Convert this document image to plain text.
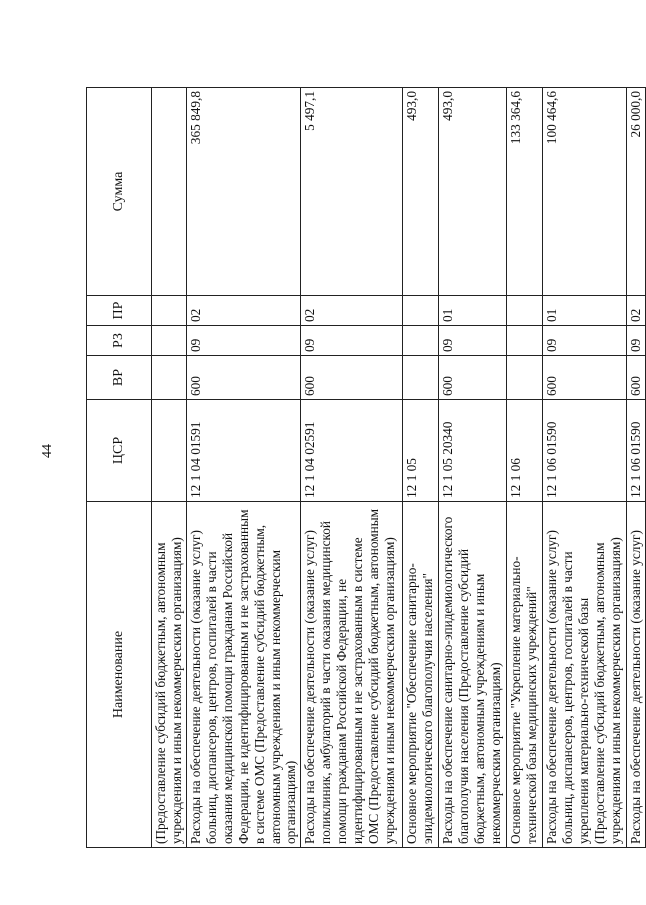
44
Наименование	ЦСР	ВР	РЗ	ПР	Сумма
(Предоставление субсидий бюджетным, автономным учреждениям и иным некоммерческим организациям)					
Расходы на обеспечение деятельности (оказание услуг) больниц, диспансеров, центров, госпиталей в части оказания медицинской помощи гражданам Российской Федерации, не идентифицированным и не застрахованным в системе ОМС (Предоставление субсидий бюджетным, автономным учреждениям и иным некоммерческим организациям)	12 1 04 01591	600	09	02	365 849,8
Расходы на обеспечение деятельности (оказание услуг) поликлиник, амбулаторий в части оказания медицинской помощи гражданам Российской Федерации, не идентифицированным и не застрахованным в системе ОМС (Предоставление субсидий бюджетным, автономным учреждениям и иным некоммерческим организациям)	12 1 04 02591	600	09	02	5 497,1
Основное мероприятие "Обеспечение санитарно-эпидемиологического благополучия населения"	12 1 05				493,0
Расходы на обеспечение санитарно-эпидемиологического благополучия населения (Предоставление субсидий бюджетным, автономным учреждениям и иным некоммерческим организациям)	12 1 05 20340	600	09	01	493,0
Основное мероприятие "Укрепление материально-технической базы медицинских учреждений"	12 1 06				133 364,6
Расходы на обеспечение деятельности (оказание услуг) больниц, диспансеров, центров, госпиталей в части укрепления материально-технической базы (Предоставление субсидий бюджетным, автономным учреждениям и иным некоммерческим организациям)	12 1 06 01590	600	09	01	100 464,6
Расходы на обеспечение деятельности (оказание услуг)	12 1 06 01590	600	09	02	26 000,0
